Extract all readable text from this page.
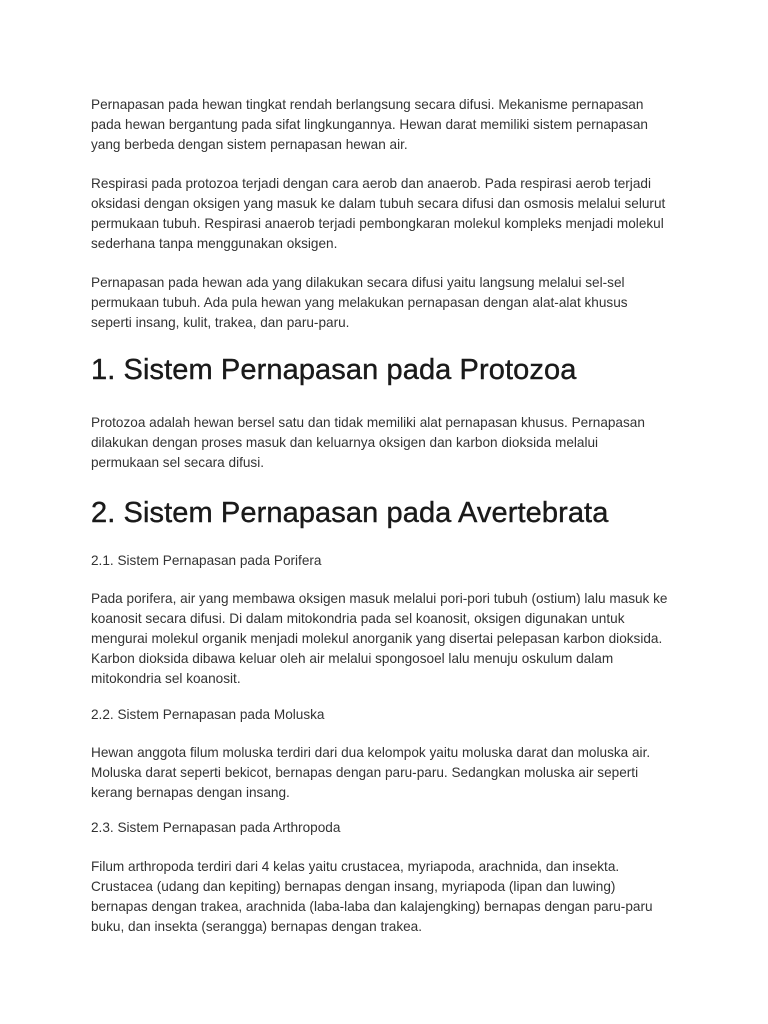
Pernapasan pada hewan tingkat rendah berlangsung secara difusi. Mekanisme pernapasan
pada hewan bergantung pada sifat lingkungannya. Hewan darat memiliki sistem pernapasan
yang berbeda dengan sistem pernapasan hewan air.

Respirasi pada protozoa terjadi dengan cara aerob dan anaerob. Pada respirasi aerob terjadi
oksidasi dengan oksigen yang masuk ke dalam tubuh secara difusi dan osmosis melalui selurut
permukaan tubuh. Respirasi anaerob terjadi pembongkaran molekul kompleks menjadi molekul
sederhana tanpa menggunakan oksigen.

Pernapasan pada hewan ada yang dilakukan secara difusi yaitu langsung melalui sel-sel
permukaan tubuh. Ada pula hewan yang melakukan pernapasan dengan alat-alat khusus
seperti insang, kulit, trakea, dan paru-paru.

1. Sistem Pernapasan pada Protozoa

Protozoa adalah hewan bersel satu dan tidak memiliki alat pernapasan khusus. Pernapasan
dilakukan dengan proses masuk dan keluarnya oksigen dan karbon dioksida melalui
permukaan sel secara difusi.

2. Sistem Pernapasan pada Avertebrata

2.1. Sistem Pernapasan pada Porifera

Pada porifera, air yang membawa oksigen masuk melalui pori-pori tubuh (ostium) lalu masuk ke
koanosit secara difusi. Di dalam mitokondria pada sel koanosit, oksigen digunakan untuk
mengurai molekul organik menjadi molekul anorganik yang disertai pelepasan karbon dioksida.
Karbon dioksida dibawa keluar oleh air melalui spongosoel lalu menuju oskulum dalam
mitokondria sel koanosit.

2.2. Sistem Pernapasan pada Moluska

Hewan anggota filum moluska terdiri dari dua kelompok yaitu moluska darat dan moluska air.
Moluska darat seperti bekicot, bernapas dengan paru-paru. Sedangkan moluska air seperti
kerang bernapas dengan insang.

2.3. Sistem Pernapasan pada Arthropoda

Filum arthropoda terdiri dari 4 kelas yaitu crustacea, myriapoda, arachnida, dan insekta.
Crustacea (udang dan kepiting) bernapas dengan insang, myriapoda (lipan dan luwing)
bernapas dengan trakea, arachnida (laba-laba dan kalajengking) bernapas dengan paru-paru
buku, dan insekta (serangga) bernapas dengan trakea.
